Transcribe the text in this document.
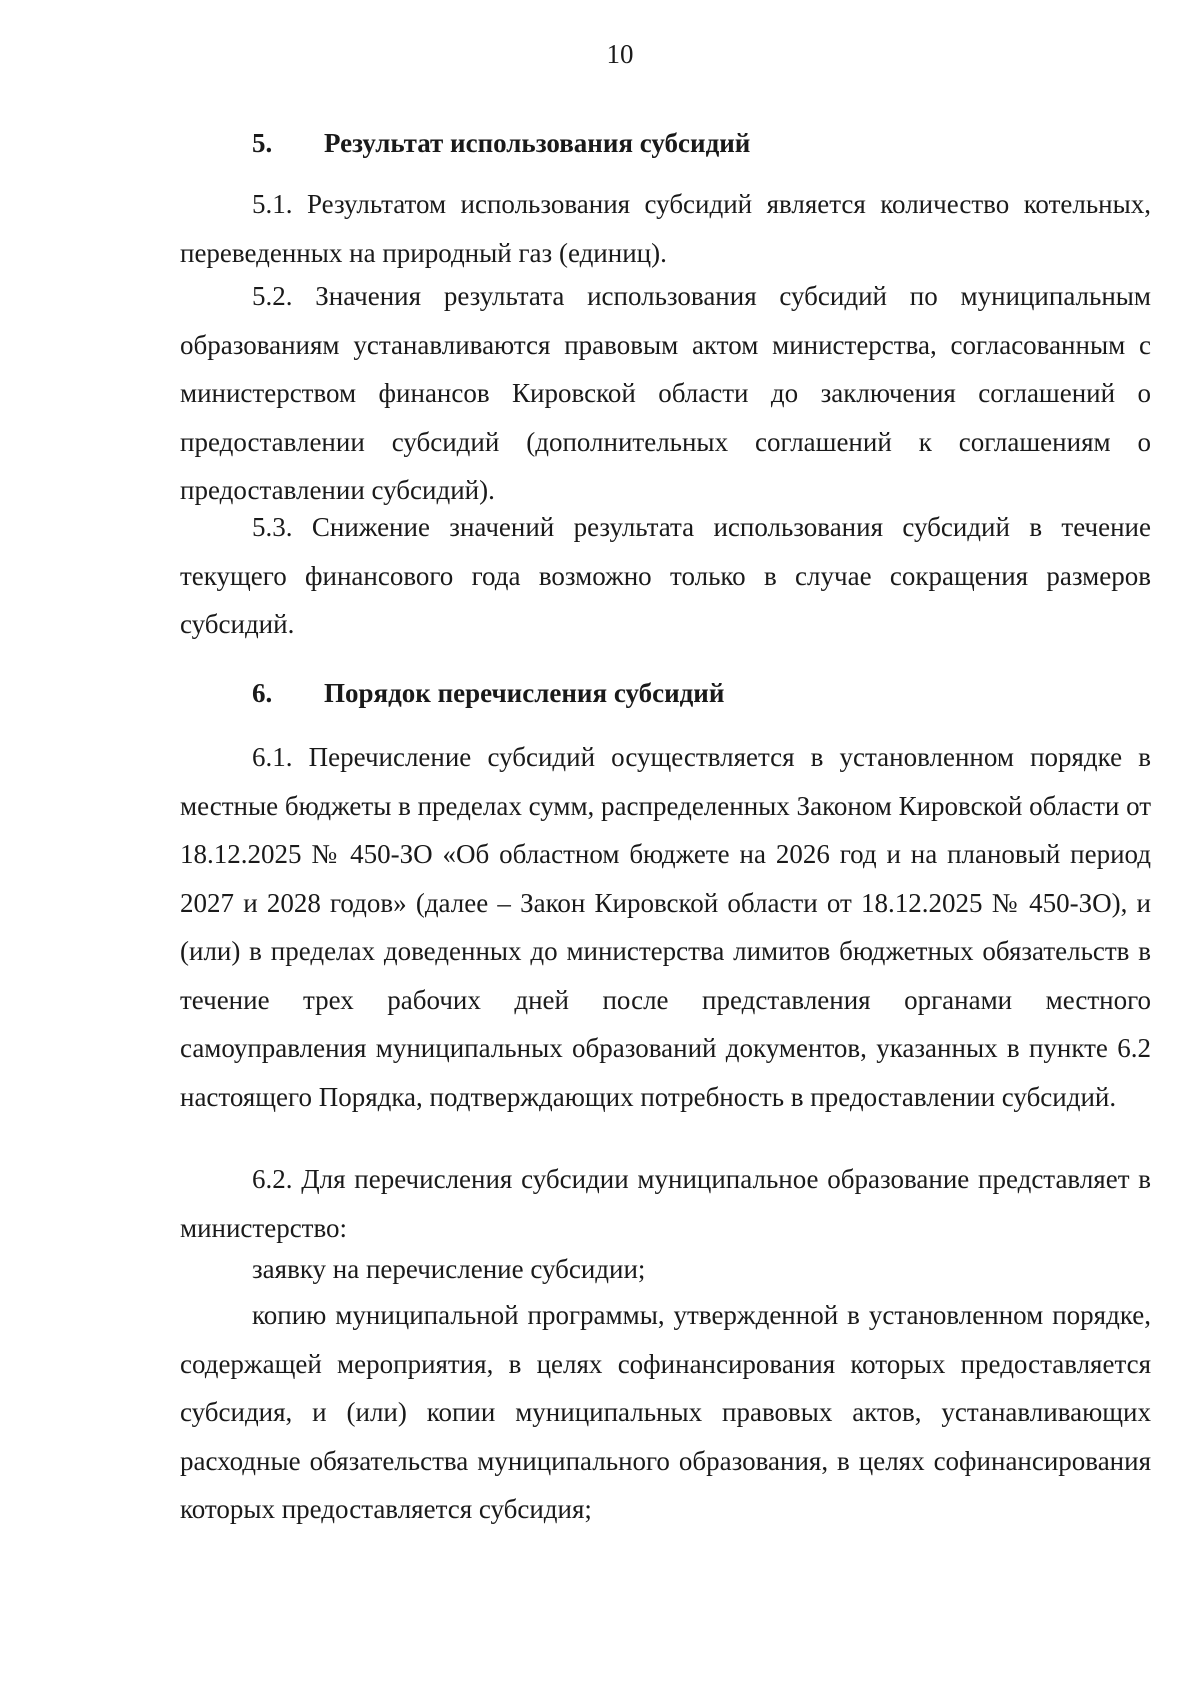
10
5. Результат использования субсидий

5.1. Результатом использования субсидий является количество котельных, переведенных на природный газ (единиц).

5.2. Значения результата использования субсидий по муниципальным образованиям устанавливаются правовым актом министерства, согласованным с министерством финансов Кировской области до заключения соглашений о предоставлении субсидий (дополнительных соглашений к соглашениям о предоставлении субсидий).

5.3. Снижение значений результата использования субсидий в течение текущего финансового года возможно только в случае сокращения размеров субсидий.

6. Порядок перечисления субсидий

6.1. Перечисление субсидий осуществляется в установленном порядке в местные бюджеты в пределах сумм, распределенных Законом Кировской области от 18.12.2025 № 450-ЗО «Об областном бюджете на 2026 год и на плановый период 2027 и 2028 годов» (далее – Закон Кировской области от 18.12.2025 № 450-ЗО), и (или) в пределах доведенных до министерства лимитов бюджетных обязательств в течение трех рабочих дней после представления органами местного самоуправления муниципальных образований документов, указанных в пункте 6.2 настоящего Порядка, подтверждающих потребность в предоставлении субсидий.

6.2. Для перечисления субсидии муниципальное образование представляет в министерство:

заявку на перечисление субсидии;

копию муниципальной программы, утвержденной в установленном порядке, содержащей мероприятия, в целях софинансирования которых предоставляется субсидия, и (или) копии муниципальных правовых актов, устанавливающих расходные обязательства муниципального образования, в целях софинансирования которых предоставляется субсидия;
